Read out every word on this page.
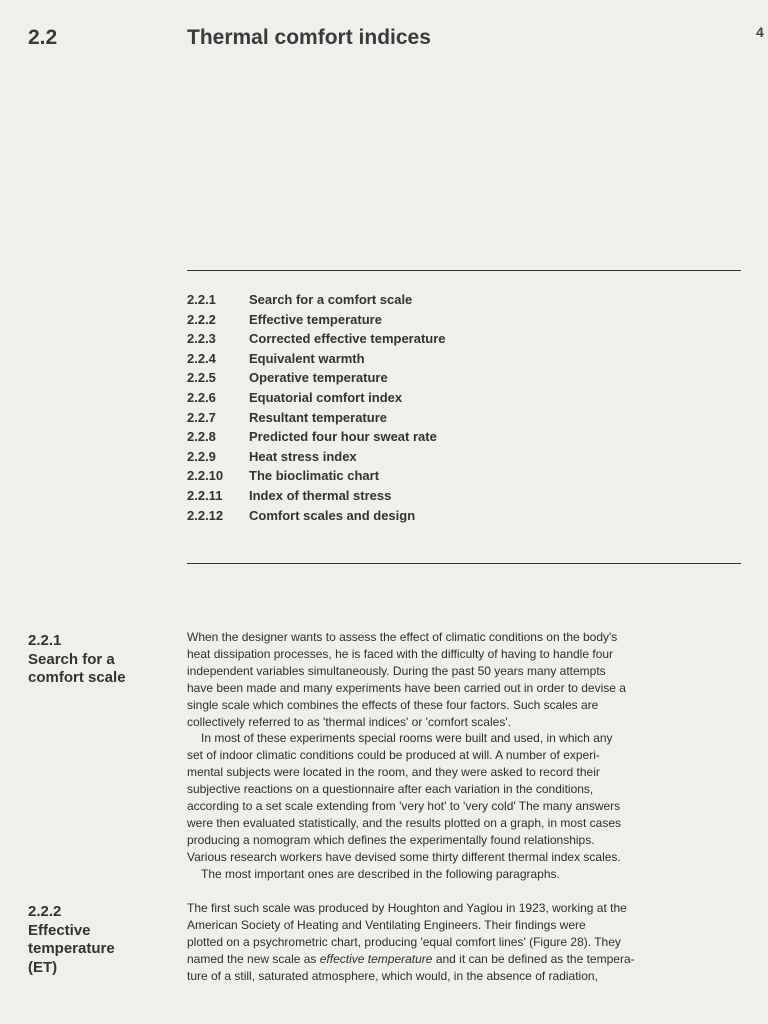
2.2	Thermal comfort indices	4
2.2.1	Search for a comfort scale
2.2.2	Effective temperature
2.2.3	Corrected effective temperature
2.2.4	Equivalent warmth
2.2.5	Operative temperature
2.2.6	Equatorial comfort index
2.2.7	Resultant temperature
2.2.8	Predicted four hour sweat rate
2.2.9	Heat stress index
2.2.10 The bioclimatic chart
2.2.11 Index of thermal stress
2.2.12 Comfort scales and design
2.2.1
Search for a
comfort scale
When the designer wants to assess the effect of climatic conditions on the body's
heat dissipation processes, he is faced with the difficulty of having to handle four
independent variables simultaneously. During the past 50 years many attempts
have been made and many experiments have been carried out in order to devise a
single scale which combines the effects of these four factors. Such scales are
collectively referred to as 'thermal indices' or 'comfort scales'.
In most of these experiments special rooms were built and used, in which any
set of indoor climatic conditions could be produced at will. A number of experi-
mental subjects were located in the room, and they were asked to record their
subjective reactions on a questionnaire after each variation in the conditions,
according to a set scale extending from 'very hot' to 'very cold' The many answers
were then evaluated statistically, and the results plotted on a graph, in most cases
producing a nomogram which defines the experimentally found relationships.
Various research workers have devised some thirty different thermal index scales.
The most important ones are described in the following paragraphs.
2.2.2
Effective
temperature
(ET)
The first such scale was produced by Houghton and Yaglou in 1923, working at the
American Society of Heating and Ventilating Engineers. Their findings were
plotted on a psychrometric chart, producing 'equal comfort lines' (Figure 28). They
named the new scale as effective temperature and it can be defined as the tempera-
ture of a still, saturated atmosphere, which would, in the absence of radiation,
